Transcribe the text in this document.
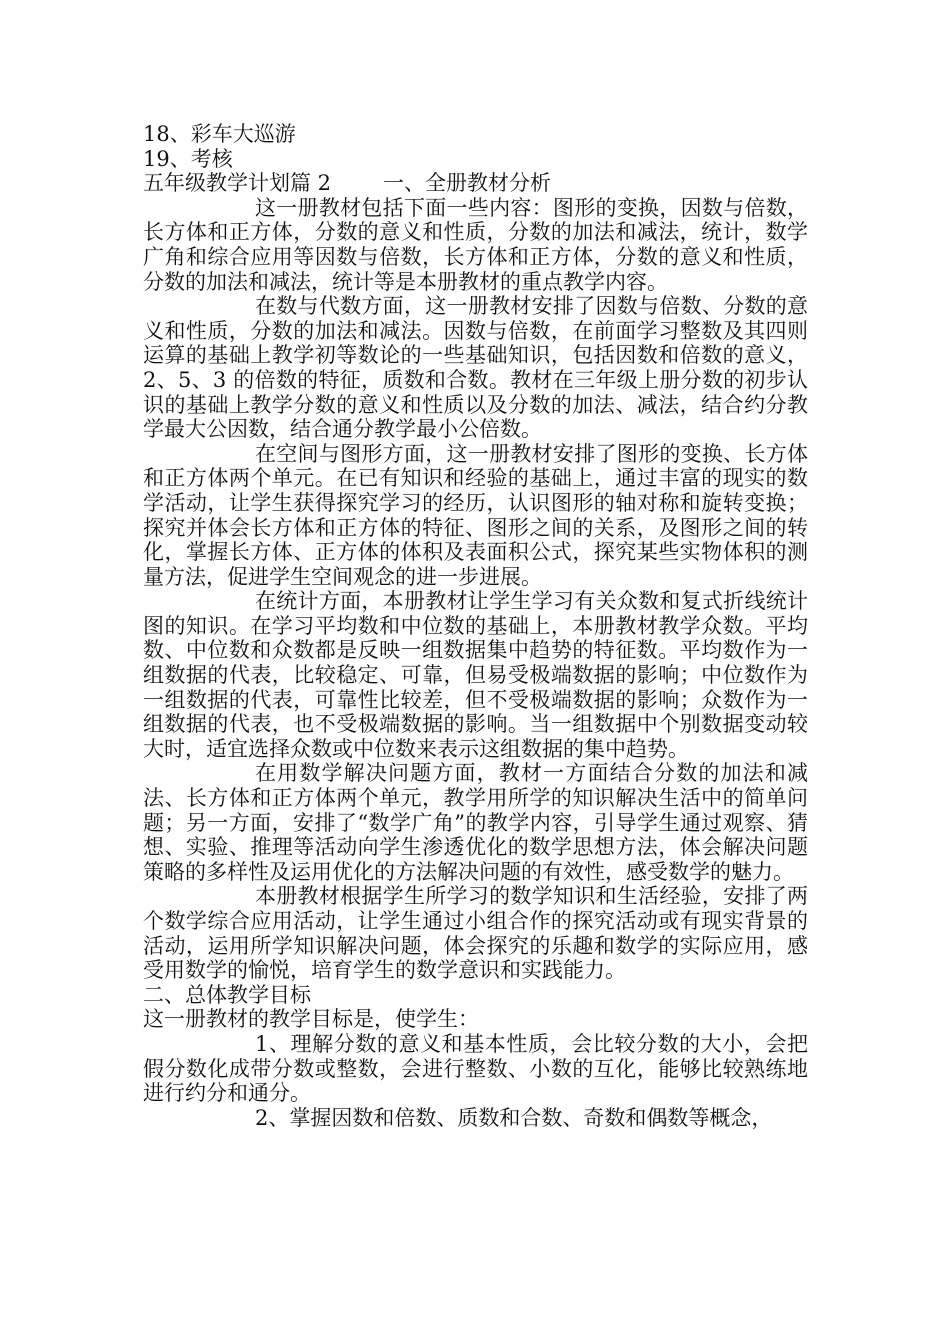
18、彩车大巡游

19、考核

五年级教学计划篇 2 一、全册教材分析

这一册教材包括下面一些内容：图形的变换，因数与倍数，长方体和正方体，分数的意义和性质，分数的加法和减法，统计，数学广角和综合应用等因数与倍数，长方体和正方体，分数的意义和性质，分数的加法和减法，统计等是本册教材的重点教学内容。

在数与代数方面，这一册教材安排了因数与倍数、分数的意义和性质，分数的加法和减法。因数与倍数，在前面学习整数及其四则运算的基础上教学初等数论的一些基础知识，包括因数和倍数的意义，2、5、3 的倍数的特征，质数和合数。教材在三年级上册分数的初步认识的基础上教学分数的意义和性质以及分数的加法、减法，结合约分教学最大公因数，结合通分教学最小公倍数。

在空间与图形方面，这一册教材安排了图形的变换、长方体和正方体两个单元。在已有知识和经验的基础上，通过丰富的现实的数学活动，让学生获得探究学习的经历，认识图形的轴对称和旋转变换；探究并体会长方体和正方体的特征、图形之间的关系，及图形之间的转化，掌握长方体、正方体的体积及表面积公式，探究某些实物体积的测量方法，促进学生空间观念的进一步进展。

在统计方面，本册教材让学生学习有关众数和复式折线统计图的知识。在学习平均数和中位数的基础上，本册教材教学众数。平均数、中位数和众数都是反映一组数据集中趋势的特征数。平均数作为一组数据的代表，比较稳定、可靠，但易受极端数据的影响；中位数作为一组数据的代表，可靠性比较差，但不受极端数据的影响；众数作为一组数据的代表，也不受极端数据的影响。当一组数据中个别数据变动较大时，适宜选择众数或中位数来表示这组数据的集中趋势。

在用数学解决问题方面，教材一方面结合分数的加法和减法、长方体和正方体两个单元，教学用所学的知识解决生活中的简单问题；另一方面，安排了“数学广角”的教学内容，引导学生通过观察、猜想、实验、推理等活动向学生渗透优化的数学思想方法，体会解决问题策略的多样性及运用优化的方法解决问题的有效性，感受数学的魅力。

本册教材根据学生所学习的数学知识和生活经验，安排了两个数学综合应用活动，让学生通过小组合作的探究活动或有现实背景的活动，运用所学知识解决问题，体会探究的乐趣和数学的实际应用，感受用数学的愉悦，培育学生的数学意识和实践能力。

二、总体教学目标

这一册教材的教学目标是，使学生：

1、理解分数的意义和基本性质，会比较分数的大小，会把假分数化成带分数或整数，会进行整数、小数的互化，能够比较熟练地进行约分和通分。

2、掌握因数和倍数、质数和合数、奇数和偶数等概念，
